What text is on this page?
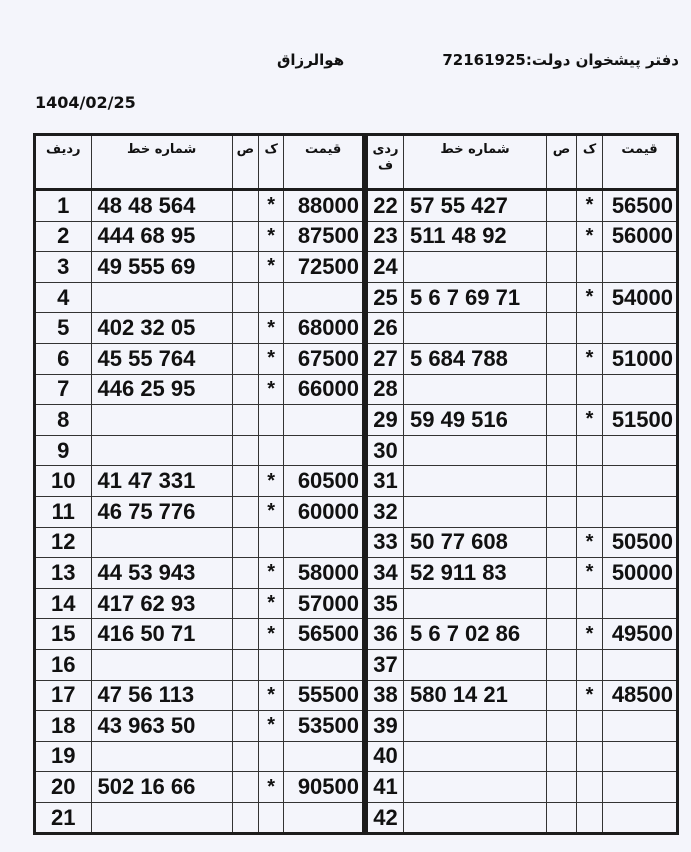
دفتر پیشخوان دولت:72161925
هوالرزاق
1404/02/25
ردیف	شماره خط	ص	ک	قیمت
1	48 48 564		*	88000
2	444 68 95		*	87500
3	49 555 69		*	72500
4				
5	402 32 05		*	68000
6	45 55 764		*	67500
7	446 25 95		*	66000
8				
9				
10	41 47 331		*	60500
11	46 75 776		*	60000
12				
13	44 53 943		*	58000
14	417 62 93		*	57000
15	416 50 71		*	56500
16				
17	47 56 113		*	55500
18	43 963 50		*	53500
19				
20	502 16 66		*	90500
21				
ردی ف	شماره خط	ص	ک	قیمت
22	57 55 427		*	56500
23	511 48 92		*	56000
24				
25	5 6 7 69 71		*	54000
26				
27	5 684 788		*	51000
28				
29	59 49 516		*	51500
30				
31				
32				
33	50 77 608		*	50500
34	52 911 83		*	50000
35				
36	5 6 7 02 86		*	49500
37				
38	580 14 21		*	48500
39				
40				
41				
42				
